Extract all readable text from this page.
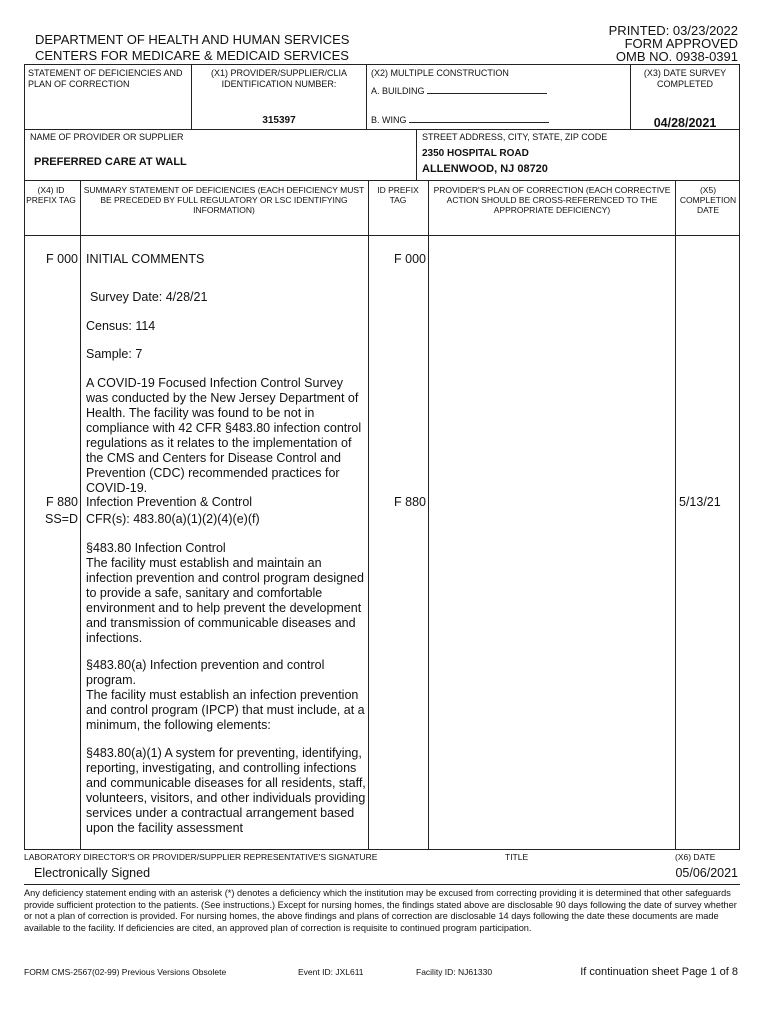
DEPARTMENT OF HEALTH AND HUMAN SERVICES
CENTERS FOR MEDICARE & MEDICAID SERVICES
PRINTED: 03/23/2022
FORM APPROVED
OMB NO. 0938-0391
STATEMENT OF DEFICIENCIES AND PLAN OF CORRECTION
(X1) PROVIDER/SUPPLIER/CLIA IDENTIFICATION NUMBER:
315397
(X2) MULTIPLE CONSTRUCTION
A. BUILDING
B. WING
(X3) DATE SURVEY COMPLETED
04/28/2021
NAME OF PROVIDER OR SUPPLIER
PREFERRED CARE AT WALL
STREET ADDRESS, CITY, STATE, ZIP CODE
2350 HOSPITAL ROAD
ALLENWOOD, NJ 08720
(X4) ID PREFIX TAG
SUMMARY STATEMENT OF DEFICIENCIES (EACH DEFICIENCY MUST BE PRECEDED BY FULL REGULATORY OR LSC IDENTIFYING INFORMATION)
ID PREFIX TAG
PROVIDER'S PLAN OF CORRECTION (EACH CORRECTIVE ACTION SHOULD BE CROSS-REFERENCED TO THE APPROPRIATE DEFICIENCY)
(X5) COMPLETION DATE
F 000 INITIAL COMMENTS	F 000
Survey Date: 4/28/21
Census: 114
Sample: 7
A COVID-19 Focused Infection Control Survey was conducted by the New Jersey Department of Health. The facility was found to be not in compliance with 42 CFR §483.80 infection control regulations as it relates to the implementation of the CMS and Centers for Disease Control and Prevention (CDC) recommended practices for COVID-19.
F 880
SS=D
Infection Prevention & Control
CFR(s): 483.80(a)(1)(2)(4)(e)(f)
F 880	5/13/21
§483.80 Infection Control
The facility must establish and maintain an infection prevention and control program designed to provide a safe, sanitary and comfortable environment and to help prevent the development and transmission of communicable diseases and infections.
§483.80(a) Infection prevention and control program.
The facility must establish an infection prevention and control program (IPCP) that must include, at a minimum, the following elements:
§483.80(a)(1) A system for preventing, identifying, reporting, investigating, and controlling infections and communicable diseases for all residents, staff, volunteers, visitors, and other individuals providing services under a contractual arrangement based upon the facility assessment
LABORATORY DIRECTOR'S OR PROVIDER/SUPPLIER REPRESENTATIVE'S SIGNATURE	TITLE	(X6) DATE
Electronically Signed	05/06/2021
Any deficiency statement ending with an asterisk (*) denotes a deficiency which the institution may be excused from correcting providing it is determined that other safeguards provide sufficient protection to the patients. (See instructions.) Except for nursing homes, the findings stated above are disclosable 90 days following the date of survey whether or not a plan of correction is provided. For nursing homes, the above findings and plans of correction are disclosable 14 days following the date these documents are made available to the facility. If deficiencies are cited, an approved plan of correction is requisite to continued program participation.
FORM CMS-2567(02-99) Previous Versions Obsolete	Event ID: JXL611	Facility ID: NJ61330	If continuation sheet Page 1 of 8
